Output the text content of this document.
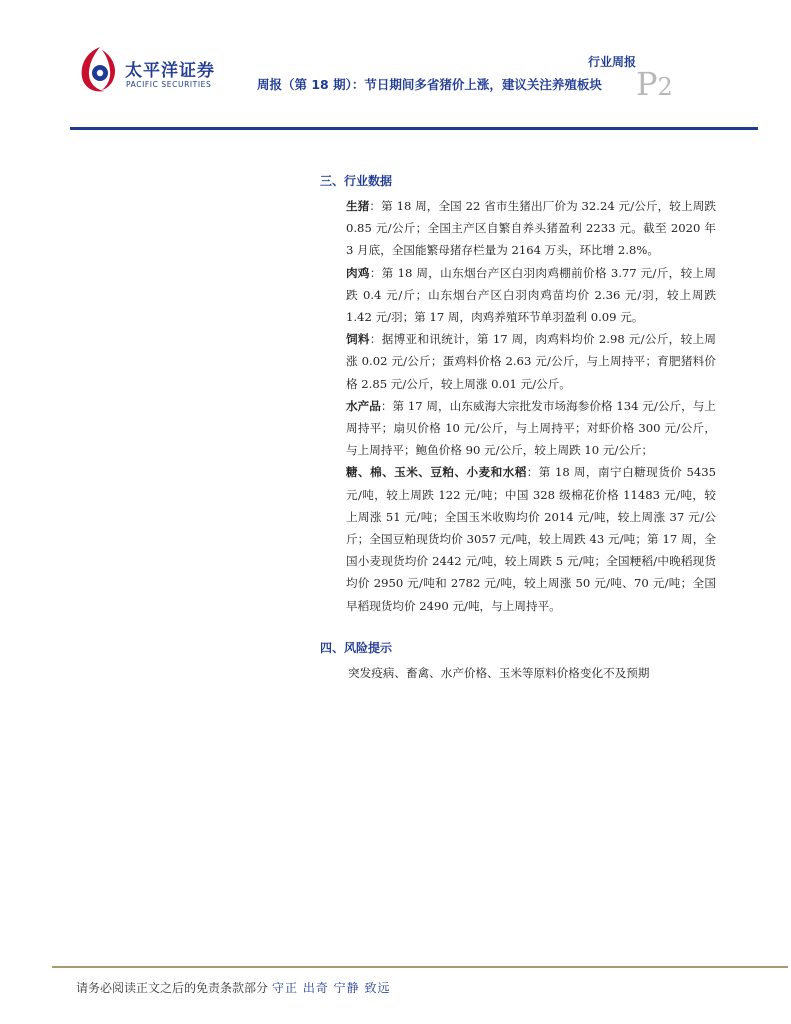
太平洋证券
PACIFIC SECURITIES
行业周报
周报（第 18 期）：节日期间多省猪价上涨，建议关注养殖板块 P2
三、行业数据

生猪：第 18 周，全国 22 省市生猪出厂价为 32.24 元/公斤，较上周跌 0.85 元/公斤；全国主产区自繁自养头猪盈利 2233 元。截至 2020 年 3 月底，全国能繁母猪存栏量为 2164 万头，环比增 2.8%。

肉鸡：第 18 周，山东烟台产区白羽肉鸡棚前价格 3.77 元/斤，较上周跌 0.4 元/斤；山东烟台产区白羽肉鸡苗均价 2.36 元/羽，较上周跌 1.42 元/羽；第 17 周，肉鸡养殖环节单羽盈利 0.09 元。

饲料：据博亚和讯统计，第 17 周，肉鸡料均价 2.98 元/公斤，较上周涨 0.02 元/公斤；蛋鸡料价格 2.63 元/公斤，与上周持平；育肥猪料价格 2.85 元/公斤，较上周涨 0.01 元/公斤。

水产品：第 17 周，山东威海大宗批发市场海参价格 134 元/公斤，与上周持平；扇贝价格 10 元/公斤，与上周持平；对虾价格 300 元/公斤，与上周持平；鲍鱼价格 90 元/公斤，较上周跌 10 元/公斤；

糖、棉、玉米、豆粕、小麦和水稻：第 18 周，南宁白糖现货价 5435 元/吨，较上周跌 122 元/吨；中国 328 级棉花价格 11483 元/吨，较上周涨 51 元/吨；全国玉米收购均价 2014 元/吨，较上周涨 37 元/公斤；全国豆粕现货均价 3057 元/吨，较上周跌 43 元/吨；第 17 周，全国小麦现货均价 2442 元/吨，较上周跌 5 元/吨；全国粳稻/中晚稻现货均价 2950 元/吨和 2782 元/吨，较上周涨 50 元/吨、70 元/吨；全国早稻现货均价 2490 元/吨，与上周持平。

四、风险提示
突发疫病、畜禽、水产价格、玉米等原料价格变化不及预期
请务必阅读正文之后的免责条款部分 守正 出奇 宁静 致远
